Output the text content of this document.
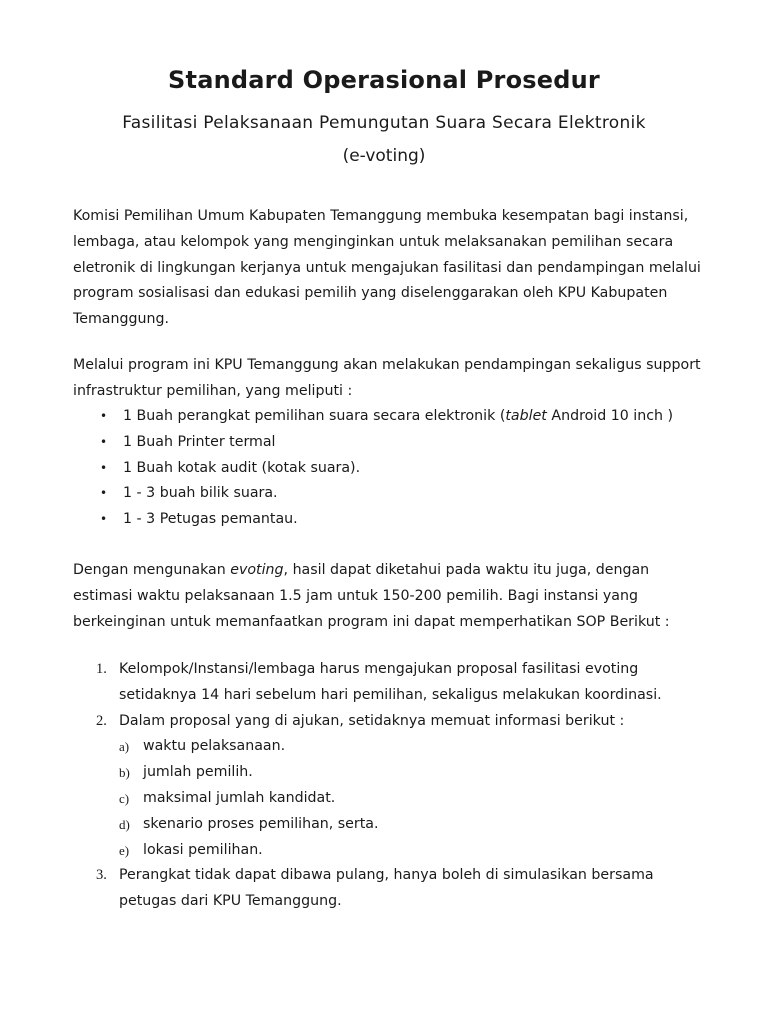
Standard Operasional Prosedur
Fasilitasi Pelaksanaan Pemungutan Suara Secara Elektronik
(e-voting)

Komisi Pemilihan Umum Kabupaten Temanggung membuka kesempatan bagi instansi, lembaga, atau kelompok yang menginginkan untuk melaksanakan pemilihan secara eletronik di lingkungan kerjanya untuk mengajukan fasilitasi dan pendampingan melalui program sosialisasi dan edukasi pemilih yang diselenggarakan oleh KPU Kabupaten Temanggung.

Melalui program ini KPU Temanggung akan melakukan pendampingan sekaligus support infrastruktur pemilihan, yang meliputi :

• 1 Buah perangkat pemilihan suara secara elektronik (tablet Android 10 inch )
• 1 Buah Printer termal
• 1 Buah kotak audit (kotak suara).
• 1 - 3 buah bilik suara.
• 1 - 3 Petugas pemantau.

Dengan mengunakan evoting, hasil dapat diketahui pada waktu itu juga, dengan estimasi waktu pelaksanaan 1.5 jam untuk 150-200 pemilih. Bagi instansi yang berkeinginan untuk memanfaatkan program ini dapat memperhatikan SOP Berikut :

1. Kelompok/Instansi/lembaga harus mengajukan proposal fasilitasi evoting setidaknya 14 hari sebelum hari pemilihan, sekaligus melakukan koordinasi.
2. Dalam proposal yang di ajukan, setidaknya memuat informasi berikut :
a) waktu pelaksanaan.
b) jumlah pemilih.
c) maksimal jumlah kandidat.
d) skenario proses pemilihan, serta.
e) lokasi pemilihan.
3. Perangkat tidak dapat dibawa pulang, hanya boleh di simulasikan bersama petugas dari KPU Temanggung.
